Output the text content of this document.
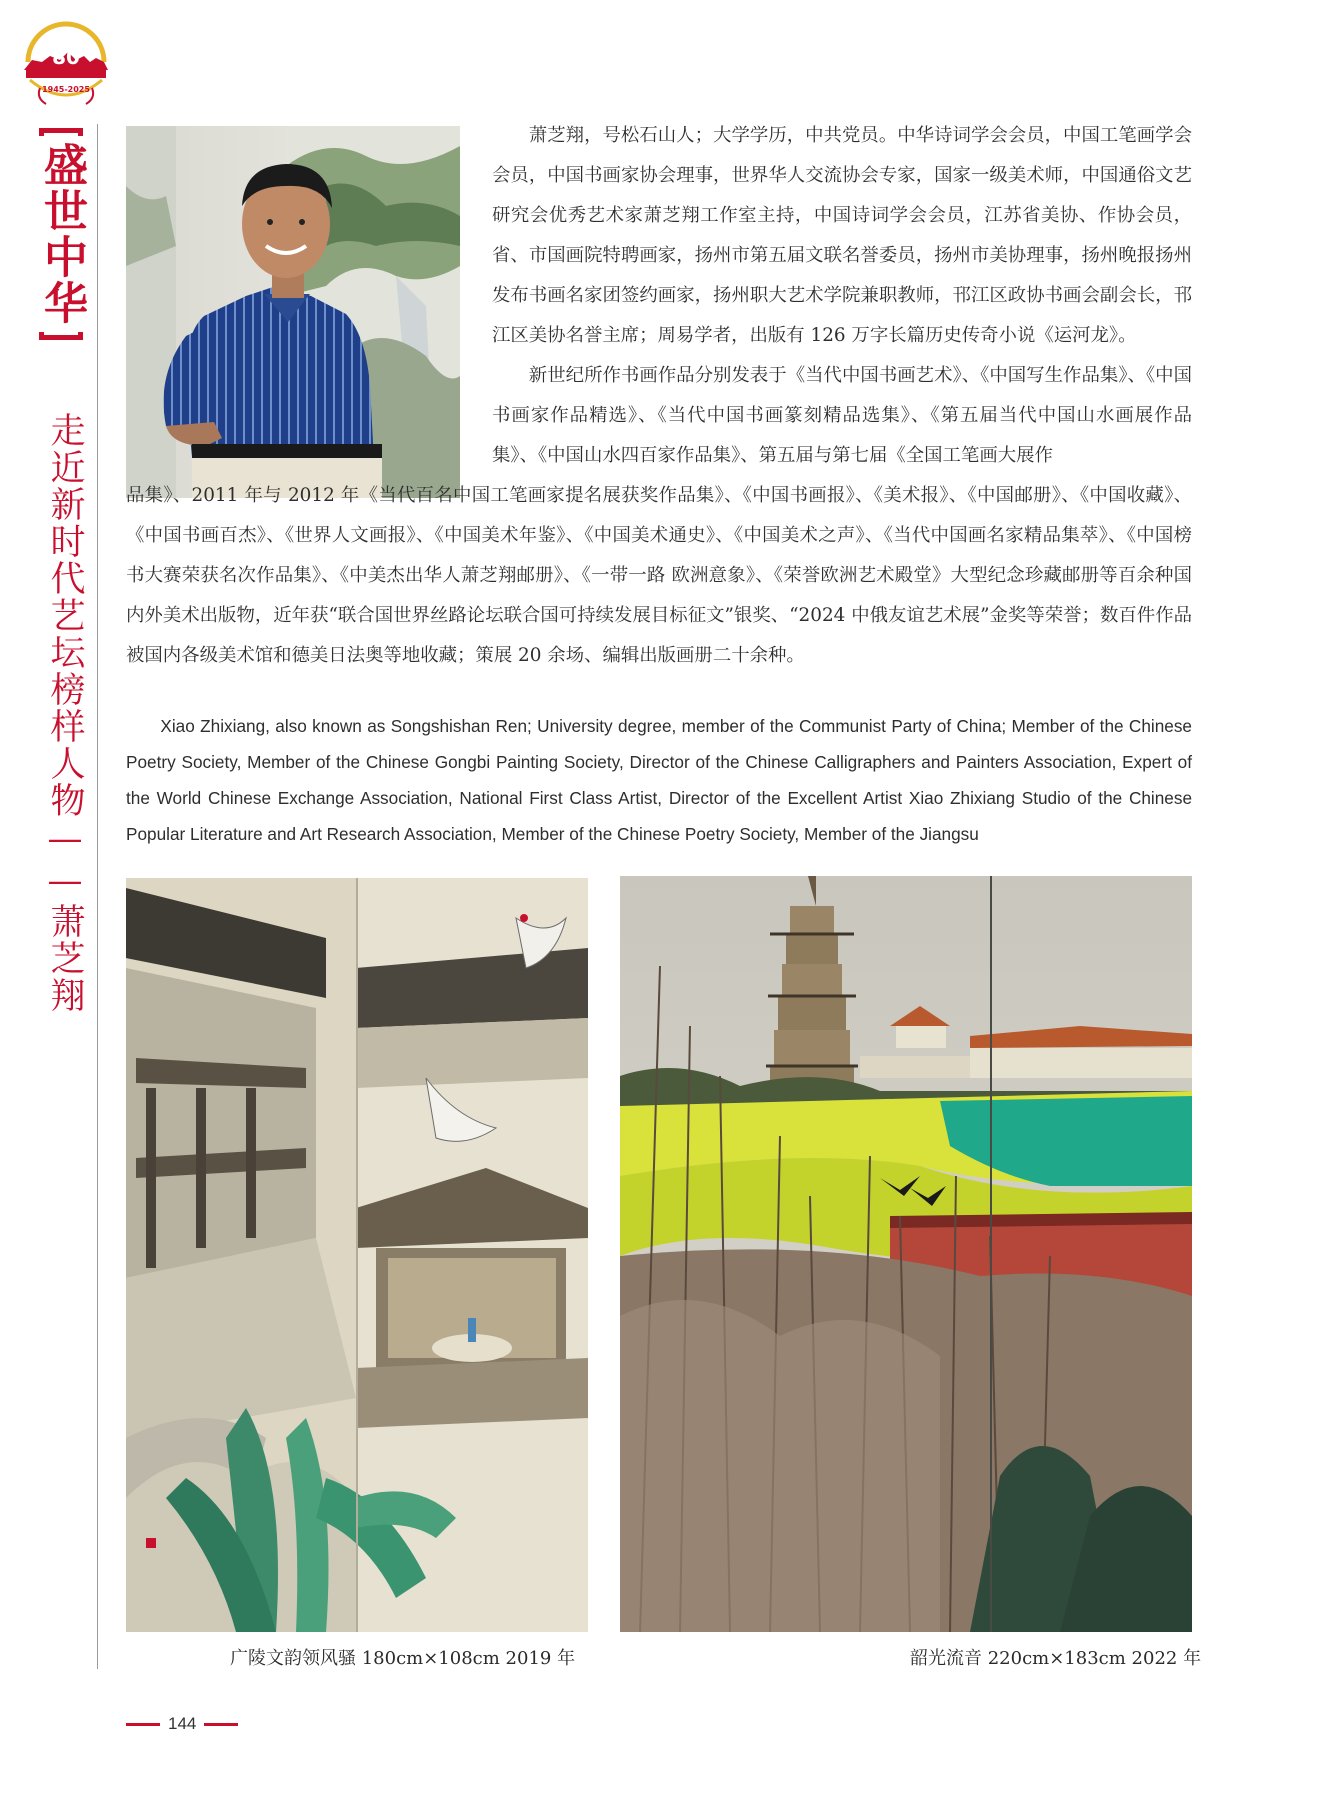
80
1945-2025
盛世中华
走近新时代艺坛榜样人物——萧芝翔

萧芝翔，号松石山人；大学学历，中共党员。中华诗词学会会员，中国工笔画学会会员，中国书画家协会理事，世界华人交流协会专家，国家一级美术师，中国通俗文艺研究会优秀艺术家萧芝翔工作室主持，中国诗词学会会员，江苏省美协、作协会员，省、市国画院特聘画家，扬州市第五届文联名誉委员，扬州市美协理事，扬州晚报扬州发布书画名家团签约画家，扬州职大艺术学院兼职教师，邗江区政协书画会副会长，邗江区美协名誉主席；周易学者，出版有 126 万字长篇历史传奇小说《运河龙》。

新世纪所作书画作品分别发表于《当代中国书画艺术》、《中国写生作品集》、《中国书画家作品精选》、《当代中国书画篆刻精品选集》、《第五届当代中国山水画展作品集》、《中国山水四百家作品集》、第五届与第七届《全国工笔画大展作

品集》、2011 年与 2012 年《当代百名中国工笔画家提名展获奖作品集》、《中国书画报》、《美术报》、《中国邮册》、《中国收藏》、《中国书画百杰》、《世界人文画报》、《中国美术年鉴》、《中国美术通史》、《中国美术之声》、《当代中国画名家精品集萃》、《中国榜书大赛荣获名次作品集》、《中美杰出华人萧芝翔邮册》、《一带一路 欧洲意象》、《荣誉欧洲艺术殿堂》大型纪念珍藏邮册等百余种国内外美术出版物，近年获“联合国世界丝路论坛联合国可持续发展目标征文”银奖、“2024 中俄友谊艺术展”金奖等荣誉；数百件作品被国内各级美术馆和德美日法奥等地收藏；策展 20 余场、编辑出版画册二十余种。
Xiao Zhixiang, also known as Songshishan Ren; University degree, member of the Communist Party of China; Member of the Chinese Poetry Society, Member of the Chinese Gongbi Painting Society, Director of the Chinese Calligraphers and Painters Association, Expert of the World Chinese Exchange Association, National First Class Artist, Director of the Excellent Artist Xiao Zhixiang Studio of the Chinese Popular Literature and Art Research Association, Member of the Chinese Poetry Society, Member of the Jiangsu
广陵文韵领风骚 180cm×108cm 2019 年	韶光流音 220cm×183cm 2022 年
144
